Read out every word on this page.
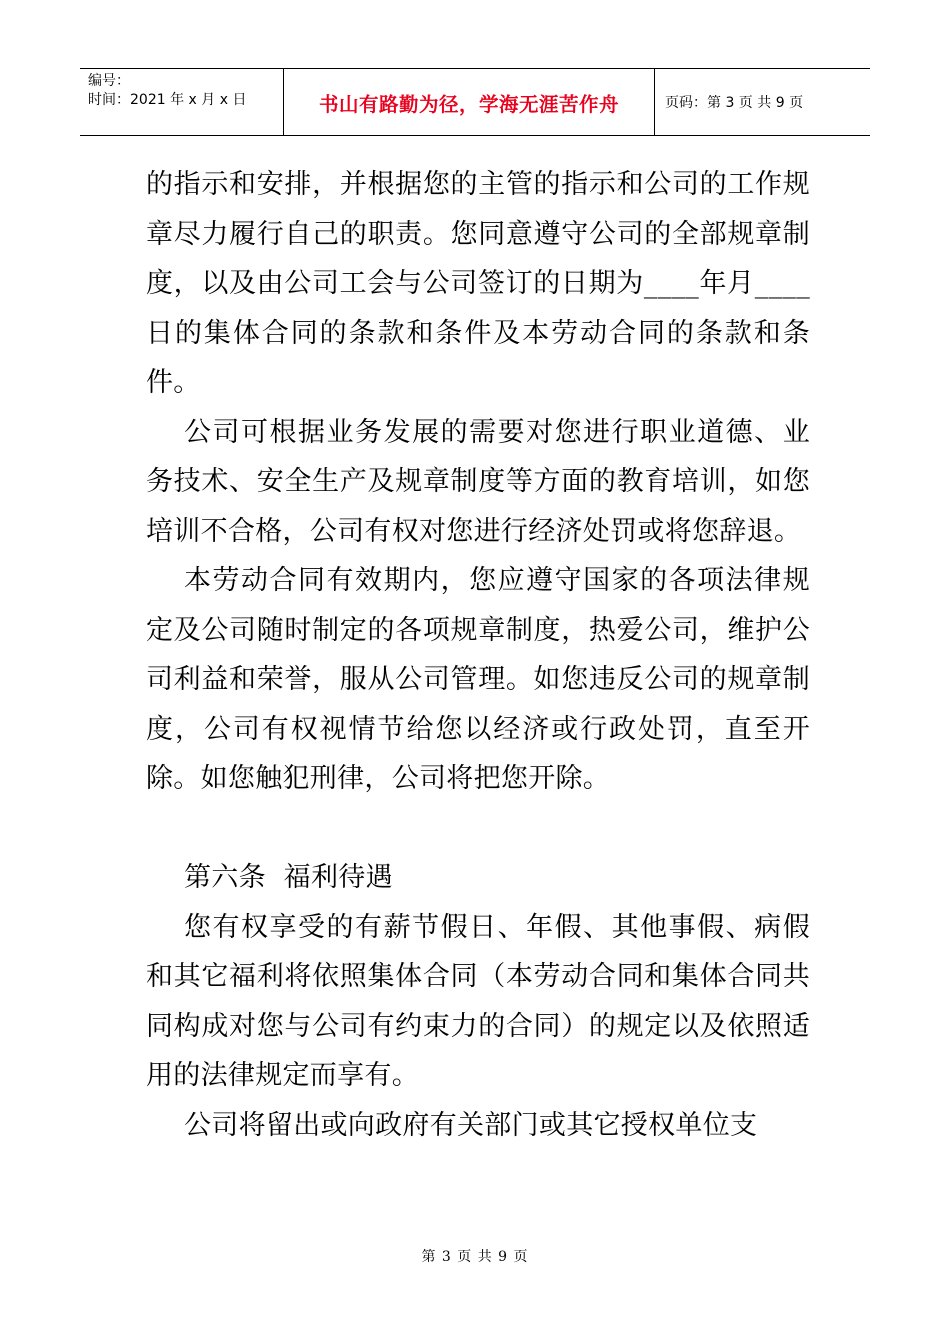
编号：
时间：2021 年 x 月 x 日	书山有路勤为径，学海无涯苦作舟	页码：第 3 页 共 9 页

的指示和安排，并根据您的主管的指示和公司的工作规章尽力履行自己的职责。您同意遵守公司的全部规章制度，以及由公司工会与公司签订的日期为____年月____日的集体合同的条款和条件及本劳动合同的条款和条件。

公司可根据业务发展的需要对您进行职业道德、业务技术、安全生产及规章制度等方面的教育培训，如您培训不合格，公司有权对您进行经济处罚或将您辞退。

本劳动合同有效期内，您应遵守国家的各项法律规定及公司随时制定的各项规章制度，热爱公司，维护公司利益和荣誉，服从公司管理。如您违反公司的规章制度，公司有权视情节给您以经济或行政处罚，直至开除。如您触犯刑律，公司将把您开除。

第六条  福利待遇

您有权享受的有薪节假日、年假、其他事假、病假和其它福利将依照集体合同（本劳动合同和集体合同共同构成对您与公司有约束力的合同）的规定以及依照适用的法律规定而享有。

公司将留出或向政府有关部门或其它授权单位支

第 3 页 共 9 页
